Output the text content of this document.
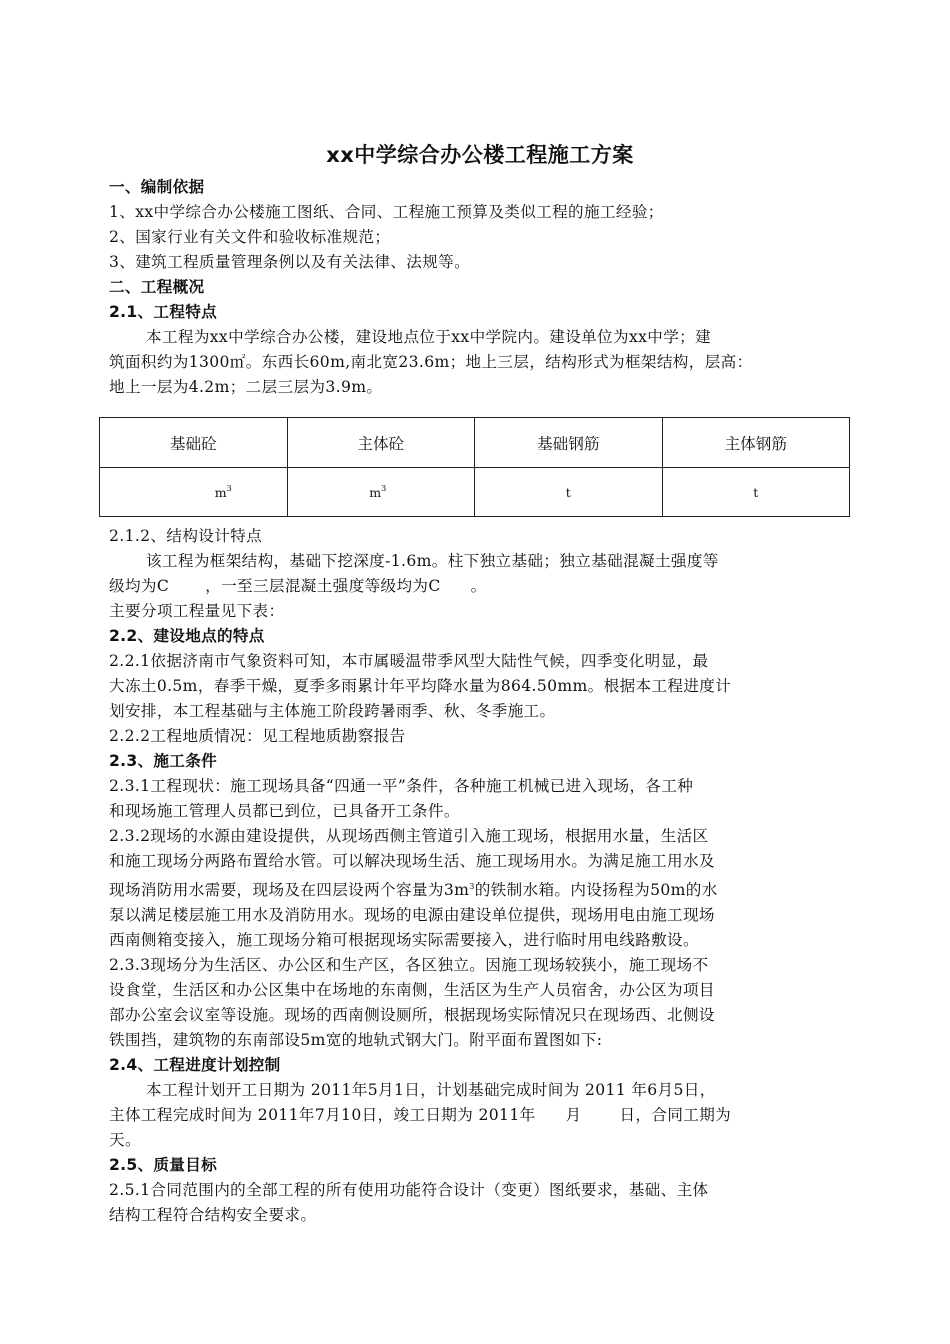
xx中学综合办公楼工程施工方案
一、编制依据
1、xx中学综合办公楼施工图纸、合同、工程施工预算及类似工程的施工经验；
2、国家行业有关文件和验收标准规范；
3、建筑工程质量管理条例以及有关法律、法规等。
二、工程概况
2.1、工程特点
本工程为xx中学综合办公楼，建设地点位于xx中学院内。建设单位为xx中学；建
筑面积约为1300㎡。东西长60m,南北宽23.6m；地上三层，结构形式为框架结构，层高：
地上一层为4.2m；二层三层为3.9m。
基础砼	主体砼	基础钢筋	主体钢筋
$m^3$	$m^3$	t	t
2.1.2、结构设计特点
该工程为框架结构，基础下挖深度-1.6m。柱下独立基础；独立基础混凝土强度等
级均为C ，一至三层混凝土强度等级均为C 。
主要分项工程量见下表：
2.2、建设地点的特点
2.2.1依据济南市气象资料可知，本市属暖温带季风型大陆性气候，四季变化明显，最
大冻土0.5m，春季干燥，夏季多雨累计年平均降水量为864.50mm。根据本工程进度计
划安排，本工程基础与主体施工阶段跨暑雨季、秋、冬季施工。
2.2.2工程地质情况：见工程地质勘察报告
2.3、施工条件
2.3.1工程现状：施工现场具备“四通一平”条件，各种施工机械已进入现场，各工种
和现场施工管理人员都已到位，已具备开工条件。
2.3.2现场的水源由建设提供，从现场西侧主管道引入施工现场，根据用水量，生活区
和施工现场分两路布置给水管。可以解决现场生活、施工现场用水。为满足施工用水及
现场消防用水需要，现场及在四层设两个容量为$3m^3$的铁制水箱。内设扬程为50m的水
泵以满足楼层施工用水及消防用水。现场的电源由建设单位提供，现场用电由施工现场
西南侧箱变接入，施工现场分箱可根据现场实际需要接入，进行临时用电线路敷设。
2.3.3现场分为生活区、办公区和生产区，各区独立。因施工现场较狭小，施工现场不
设食堂，生活区和办公区集中在场地的东南侧，生活区为生产人员宿舍，办公区为项目
部办公室会议室等设施。现场的西南侧设厕所，根据现场实际情况只在现场西、北侧设
铁围挡，建筑物的东南部设5m宽的地轨式钢大门。附平面布置图如下:
2.4、工程进度计划控制
本工程计划开工日期为 2011年5月1日，计划基础完成时间为 2011 年6月5日，
主体工程完成时间为 2011年7月10日，竣工日期为 2011年 月 日，合同工期为
天。
2.5、质量目标
2.5.1合同范围内的全部工程的所有使用功能符合设计（变更）图纸要求，基础、主体
结构工程符合结构安全要求。
